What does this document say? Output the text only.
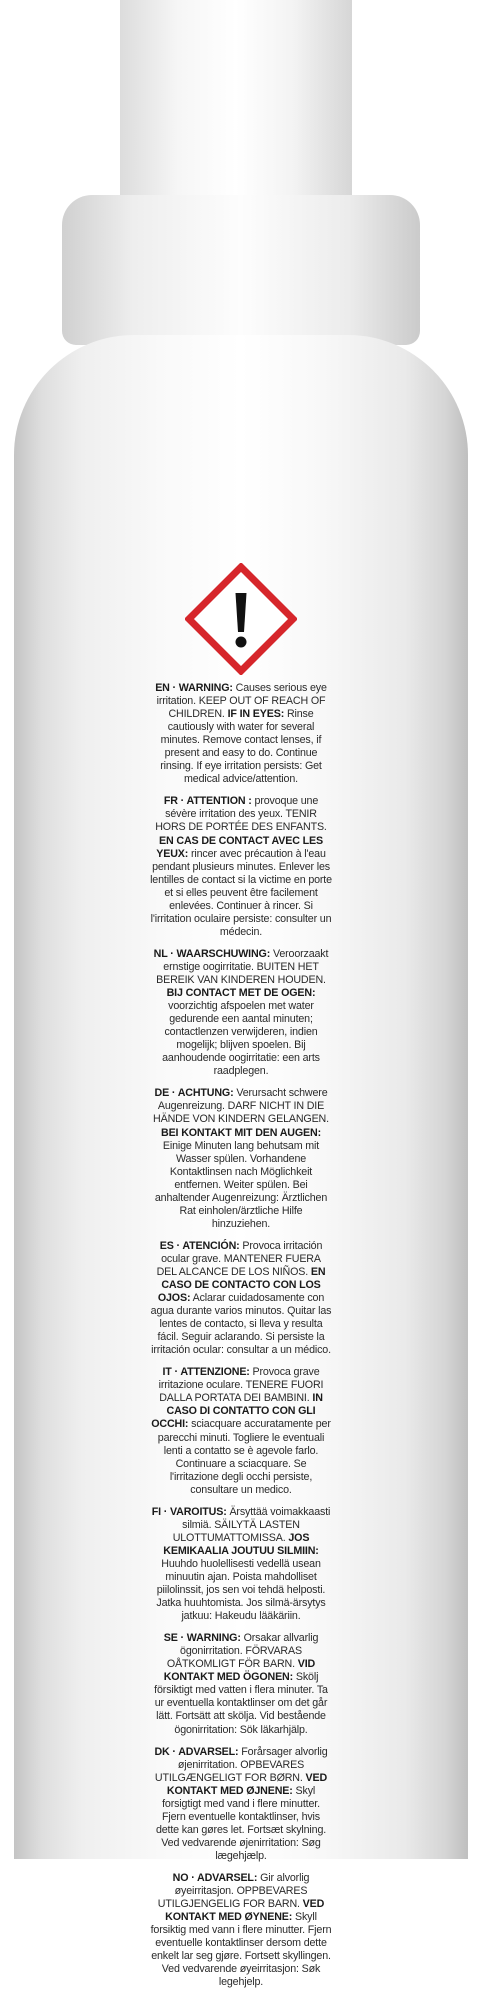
EN · WARNING: Causes serious eye irritation. KEEP OUT OF REACH OF CHILDREN. IF IN EYES: Rinse cautiously with water for several minutes. Remove contact lenses, if present and easy to do. Continue rinsing. If eye irritation persists: Get medical advice/attention.
FR · ATTENTION : provoque une sévère irritation des yeux. TENIR HORS DE PORTÉE DES ENFANTS. EN CAS DE CONTACT AVEC LES YEUX: rincer avec précaution à l'eau pendant plusieurs minutes. Enlever les lentilles de contact si la victime en porte et si elles peuvent être facilement enlevées. Continuer à rincer. Si l'irritation oculaire persiste: consulter un médecin.
NL · WAARSCHUWING: Veroorzaakt ernstige oogirritatie. BUITEN HET BEREIK VAN KINDEREN HOUDEN. BIJ CONTACT MET DE OGEN: voorzichtig afspoelen met water gedurende een aantal minuten; contactlenzen verwijderen, indien mogelijk; blijven spoelen. Bij aanhoudende oogirritatie: een arts raadplegen.
DE · ACHTUNG: Verursacht schwere Augenreizung. DARF NICHT IN DIE HÄNDE VON KINDERN GELANGEN. BEI KONTAKT MIT DEN AUGEN: Einige Minuten lang behutsam mit Wasser spülen. Vorhandene Kontaktlinsen nach Möglichkeit entfernen. Weiter spülen. Bei anhaltender Augenreizung: Ärztlichen Rat einholen/ärztliche Hilfe hinzuziehen.
ES · ATENCIÓN: Provoca irritación ocular grave. MANTENER FUERA DEL ALCANCE DE LOS NIÑOS. EN CASO DE CONTACTO CON LOS OJOS: Aclarar cuidadosamente con agua durante varios minutos. Quitar las lentes de contacto, si lleva y resulta fácil. Seguir aclarando. Si persiste la irritación ocular: consultar a un médico.
IT · ATTENZIONE: Provoca grave irritazione oculare. TENERE FUORI DALLA PORTATA DEI BAMBINI. IN CASO DI CONTATTO CON GLI OCCHI: sciacquare accuratamente per parecchi minuti. Togliere le eventuali lenti a contatto se è agevole farlo. Continuare a sciacquare. Se l'irritazione degli occhi persiste, consultare un medico.
FI · VAROITUS: Ärsyttää voimakkaasti silmiä. SÄILYTÄ LASTEN ULOTTUMATTOMISSA. JOS KEMIKAALIA JOUTUU SILMIIN: Huuhdo huolellisesti vedellä usean minuutin ajan. Poista mahdolliset piilolinssit, jos sen voi tehdä helposti. Jatka huuhtomista. Jos silmä-ärsytys jatkuu: Hakeudu lääkäriin.
SE · WARNING: Orsakar allvarlig ögonirritation. FÖRVARAS OÅTKOMLIGT FÖR BARN. VID KONTAKT MED ÖGONEN: Skölj försiktigt med vatten i flera minuter. Ta ur eventuella kontaktlinser om det går lätt. Fortsätt att skölja. Vid bestående ögonirritation: Sök läkarhjälp.
DK · ADVARSEL: Forårsager alvorlig øjenirritation. OPBEVARES UTILGÆNGELIGT FOR BØRN. VED KONTAKT MED ØJNENE: Skyl forsigtigt med vand i flere minutter. Fjern eventuelle kontaktlinser, hvis dette kan gøres let. Fortsæt skylning. Ved vedvarende øjenirritation: Søg lægehjælp.
NO · ADVARSEL: Gir alvorlig øyeirritasjon. OPPBEVARES UTILGJENGELIG FOR BARN. VED KONTAKT MED ØYNENE: Skyll forsiktig med vann i flere minutter. Fjern eventuelle kontaktlinser dersom dette enkelt lar seg gjøre. Fortsett skyllingen. Ved vedvarende øyeirritasjon: Søk legehjelp.
